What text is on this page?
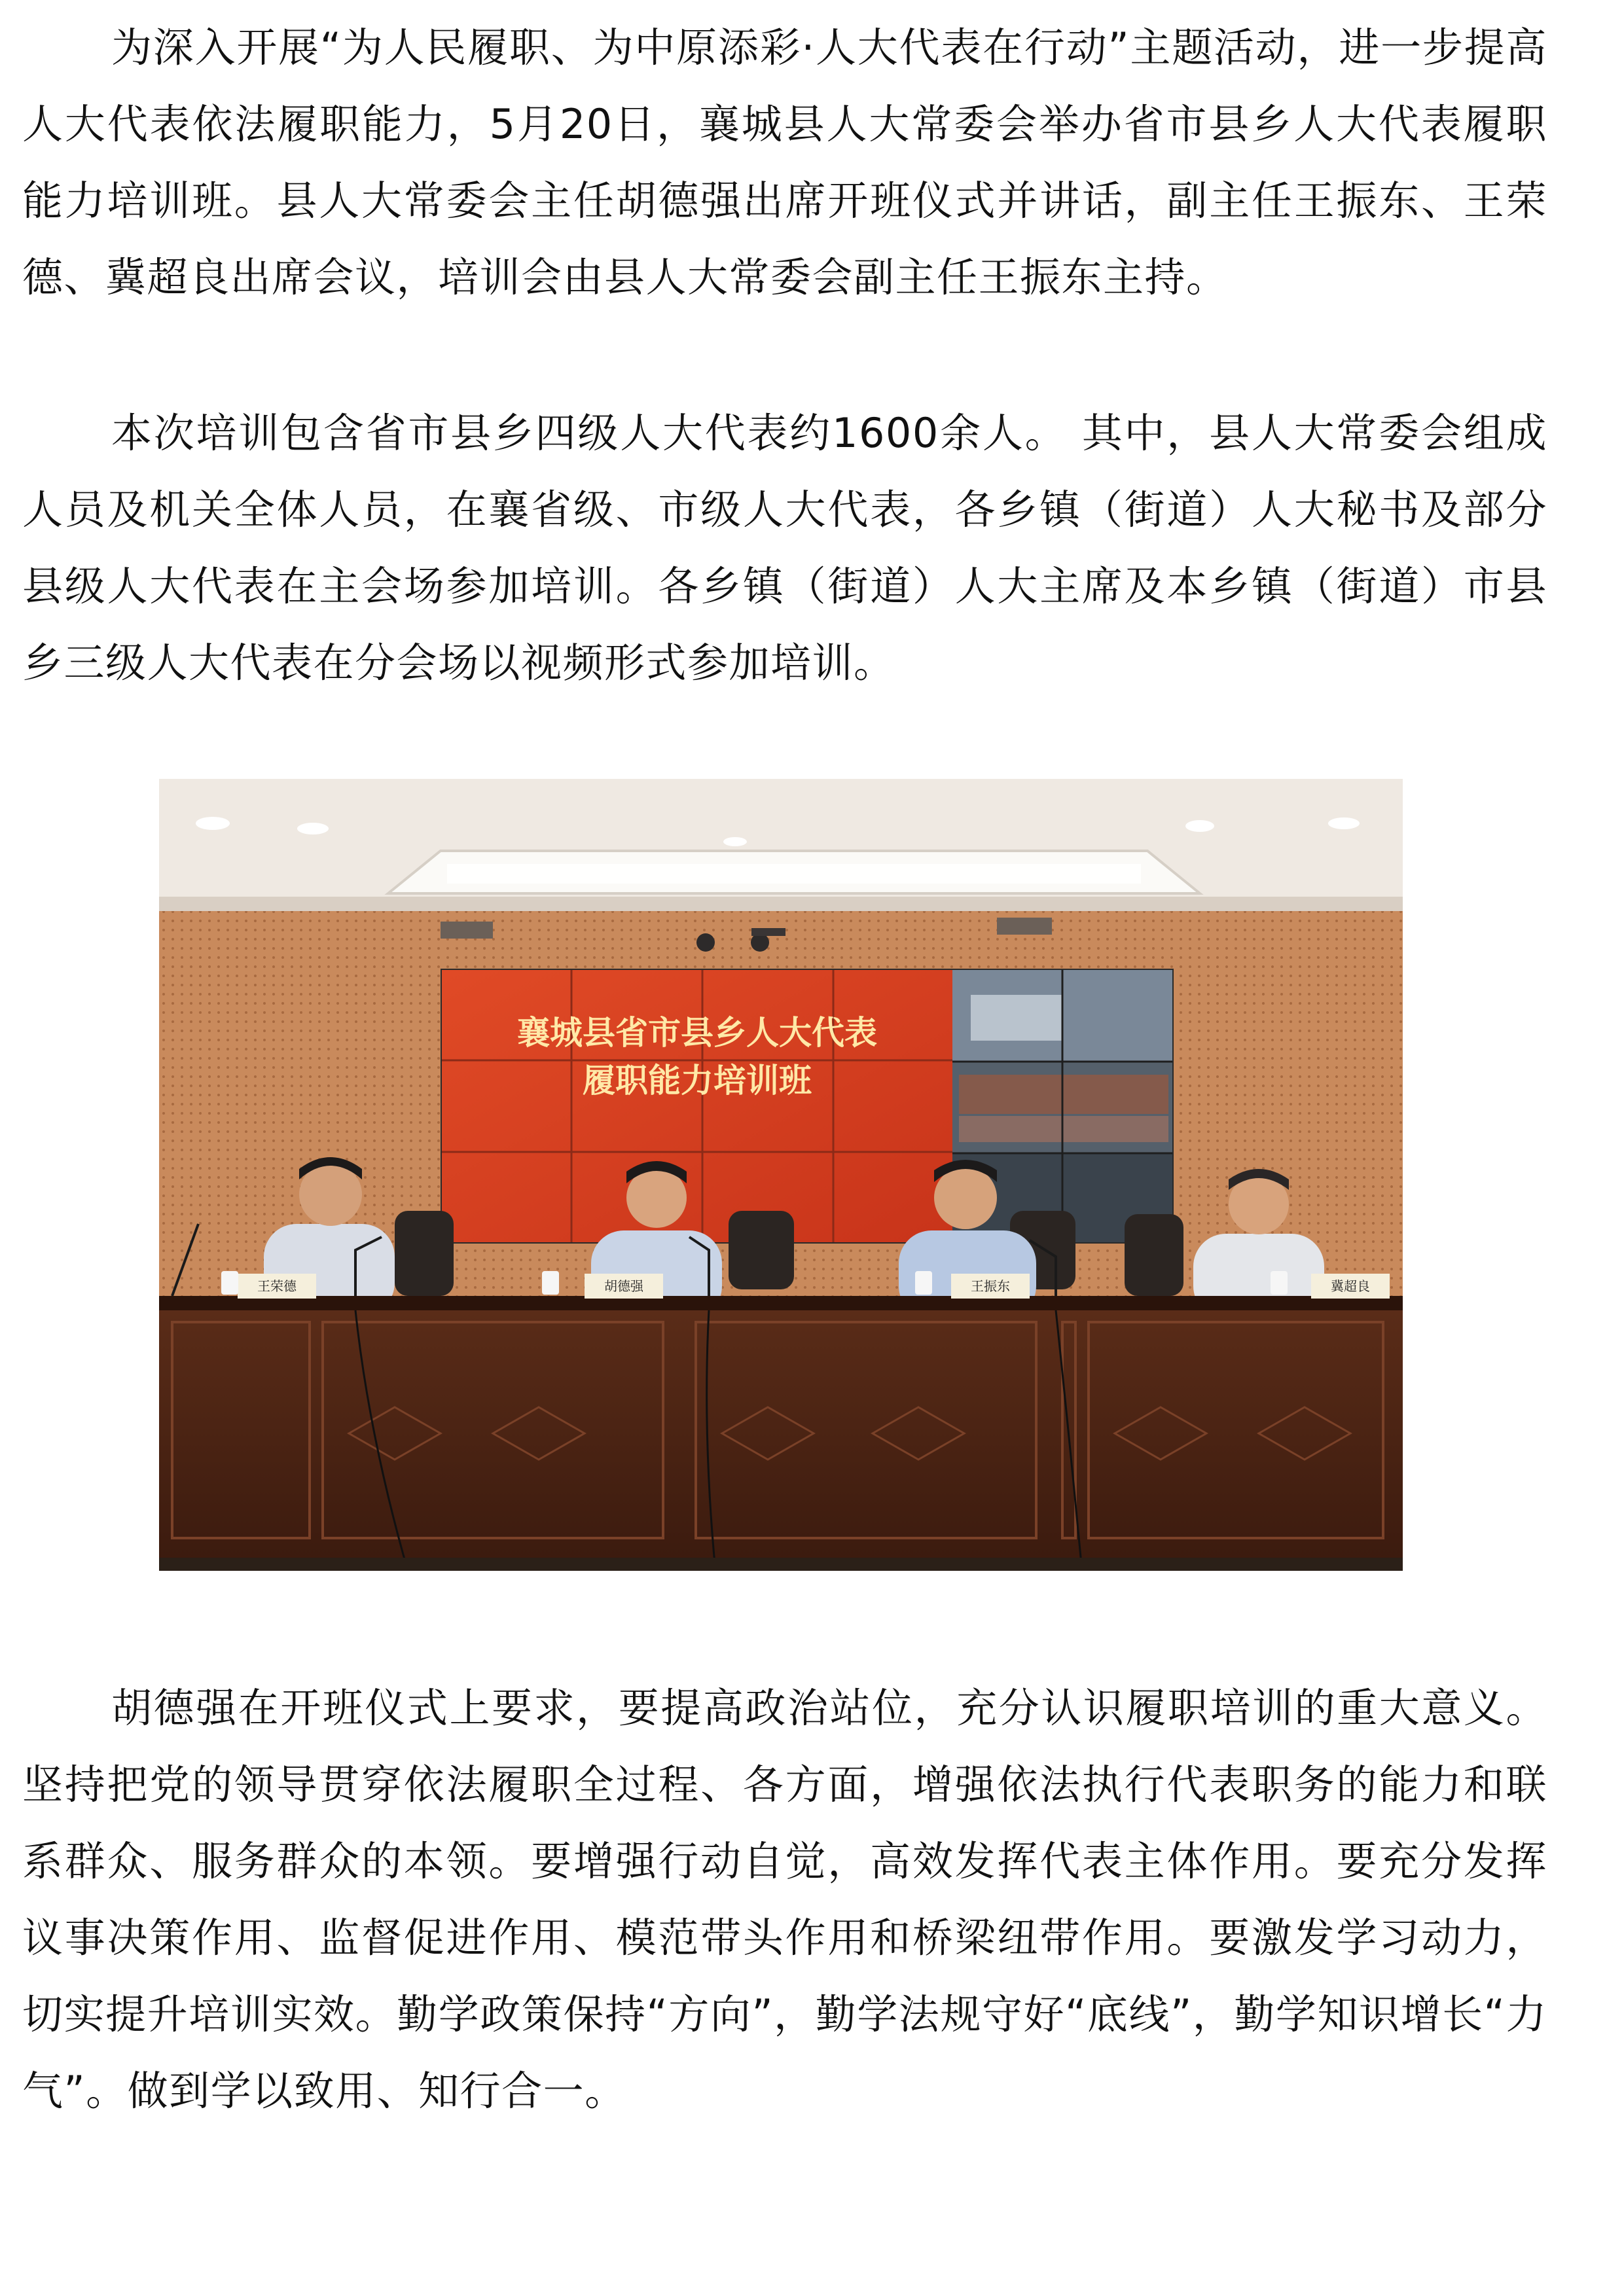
为深入开展“为人民履职、为中原添彩·人大代表在行动”主题活动，进一步提高人大代表依法履职能力，5月20日，襄城县人大常委会举办省市县乡人大代表履职能力培训班。县人大常委会主任胡德强出席开班仪式并讲话，副主任王振东、王荣德、冀超良出席会议，培训会由县人大常委会副主任王振东主持。

本次培训包含省市县乡四级人大代表约1600余人。 其中，县人大常委会组成人员及机关全体人员，在襄省级、市级人大代表，各乡镇（街道）人大秘书及部分县级人大代表在主会场参加培训。各乡镇（街道）人大主席及本乡镇（街道）市县乡三级人大代表在分会场以视频形式参加培训。

襄城县省市县乡人大代表
履职能力培训班
王荣德	胡德强	王振东	冀超良

胡德强在开班仪式上要求，要提高政治站位，充分认识履职培训的重大意义。坚持把党的领导贯穿依法履职全过程、各方面，增强依法执行代表职务的能力和联系群众、服务群众的本领。要增强行动自觉，高效发挥代表主体作用。要充分发挥议事决策作用、监督促进作用、模范带头作用和桥梁纽带作用。要激发学习动力，切实提升培训实效。勤学政策保持“方向”，勤学法规守好“底线”，勤学知识增长“力气”。做到学以致用、知行合一。
